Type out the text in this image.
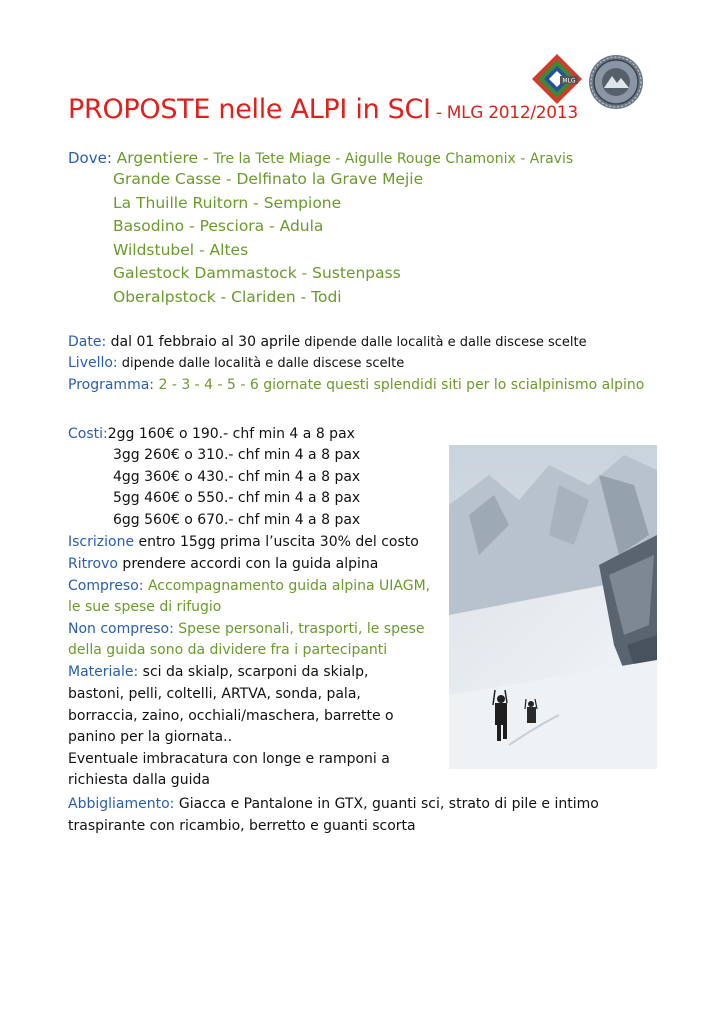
MLG
PROPOSTE nelle ALPI in SCI - MLG 2012/2013
Dove: Argentiere - Tre la Tete Miage - Aigulle Rouge Chamonix - Aravis
Grande Casse - Delfinato la Grave Mejie
La Thuille Ruitorn - Sempione
Basodino - Pesciora - Adula
Wildstubel - Altes
Galestock Dammastock - Sustenpass
Oberalpstock - Clariden - Todi
Date: dal 01 febbraio al 30 aprile dipende dalle località e dalle discese scelte
Livello: dipende dalle località e dalle discese scelte
Programma: 2 - 3 - 4 - 5 - 6 giornate questi splendidi siti per lo scialpinismo alpino
Costi:2gg 160€ o 190.- chf min 4 a 8 pax
3gg 260€ o 310.- chf min 4 a 8 pax
4gg 360€ o 430.- chf min 4 a 8 pax
5gg 460€ o 550.- chf min 4 a 8 pax
6gg 560€ o 670.- chf min 4 a 8 pax
Iscrizione entro 15gg prima l’uscita 30% del costo
Ritrovo prendere accordi con la guida alpina
Compreso: Accompagnamento guida alpina UIAGM,
le sue spese di rifugio
Non compreso: Spese personali, trasporti, le spese
della guida sono da dividere fra i partecipanti
Materiale: sci da skialp, scarponi da skialp,
bastoni, pelli, coltelli, ARTVA, sonda, pala,
borraccia, zaino, occhiali/maschera, barrette o
panino per la giornata..
Eventuale imbracatura con longe e ramponi a
richiesta dalla guida
Abbigliamento: Giacca e Pantalone in GTX, guanti sci, strato di pile e intimo
traspirante con ricambio, berretto e guanti scorta
